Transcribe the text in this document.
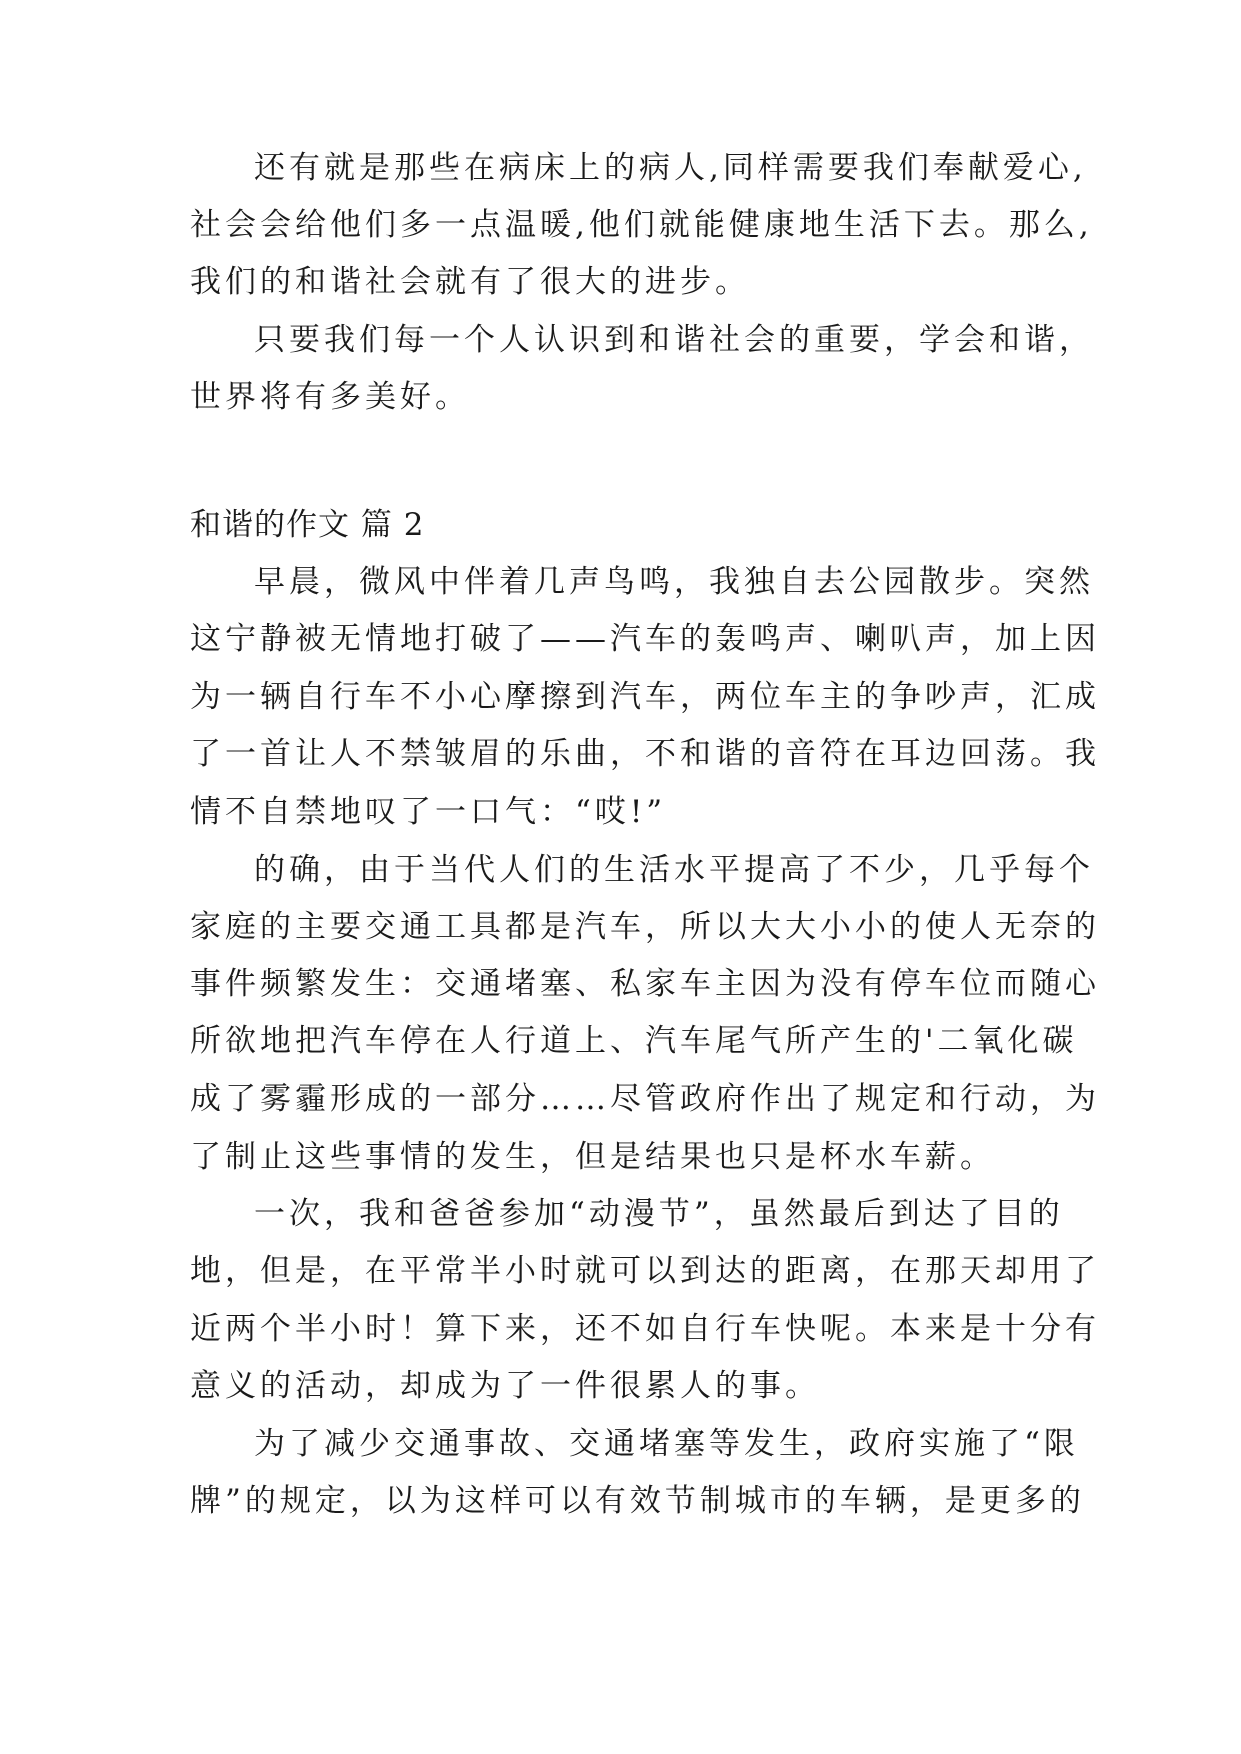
还有就是那些在病床上的病人,同样需要我们奉献爱心,
社会会给他们多一点温暖,他们就能健康地生活下去。那么,
我们的和谐社会就有了很大的进步。
只要我们每一个人认识到和谐社会的重要，学会和谐，
世界将有多美好。
和谐的作文 篇 2
早晨，微风中伴着几声鸟鸣，我独自去公园散步。突然
这宁静被无情地打破了——汽车的轰鸣声、喇叭声，加上因
为一辆自行车不小心摩擦到汽车，两位车主的争吵声，汇成
了一首让人不禁皱眉的乐曲，不和谐的音符在耳边回荡。我
情不自禁地叹了一口气：“哎!”
的确，由于当代人们的生活水平提高了不少，几乎每个
家庭的主要交通工具都是汽车，所以大大小小的使人无奈的
事件频繁发生：交通堵塞、私家车主因为没有停车位而随心
所欲地把汽车停在人行道上、汽车尾气所产生的'二氧化碳
成了雾霾形成的一部分……尽管政府作出了规定和行动，为
了制止这些事情的发生，但是结果也只是杯水车薪。
一次，我和爸爸参加“动漫节”，虽然最后到达了目的
地，但是，在平常半小时就可以到达的距离，在那天却用了
近两个半小时！算下来，还不如自行车快呢。本来是十分有
意义的活动，却成为了一件很累人的事。
为了减少交通事故、交通堵塞等发生，政府实施了“限
牌”的规定，以为这样可以有效节制城市的车辆，是更多的
